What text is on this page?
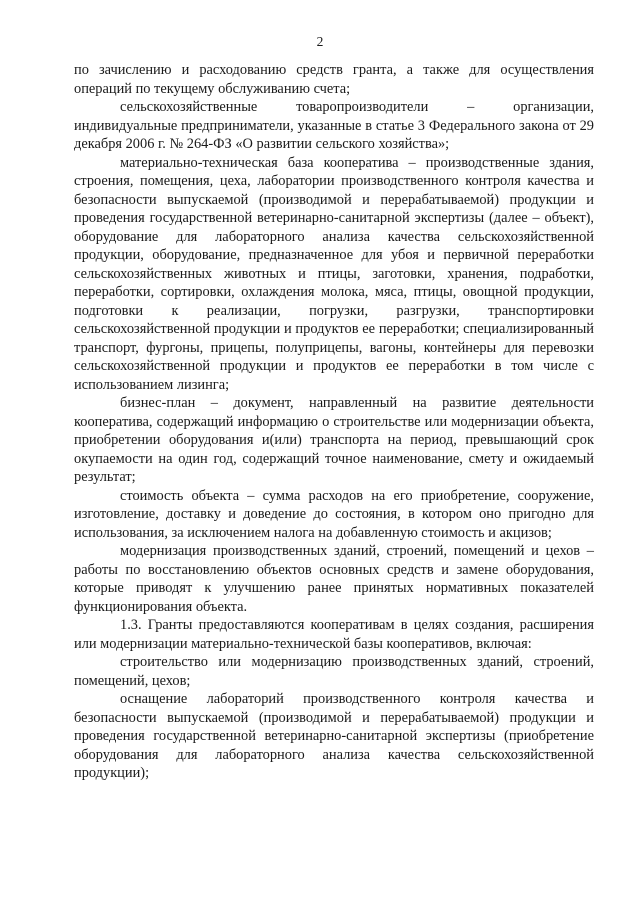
2

по зачислению и расходованию средств гранта, а также для осуществления операций по текущему обслуживанию счета;

сельскохозяйственные товаропроизводители – организации, индивидуальные предприниматели, указанные в статье 3 Федерального закона от 29 декабря 2006 г. № 264-ФЗ «О развитии сельского хозяйства»;

материально-техническая база кооператива – производственные здания, строения, помещения, цеха, лаборатории производственного контроля качества и безопасности выпускаемой (производимой и перерабатываемой) продукции и проведения государственной ветеринарно-санитарной экспертизы (далее – объект), оборудование для лабораторного анализа качества сельскохозяйственной продукции, оборудование, предназначенное для убоя и первичной переработки сельскохозяйственных животных и птицы, заготовки, хранения, подработки, переработки, сортировки, охлаждения молока, мяса, птицы, овощной продукции, подготовки к реализации, погрузки, разгрузки, транспортировки сельскохозяйственной продукции и продуктов ее переработки; специализированный транспорт, фургоны, прицепы, полуприцепы, вагоны, контейнеры для перевозки сельскохозяйственной продукции и продуктов ее переработки в том числе с использованием лизинга;

бизнес-план – документ, направленный на развитие деятельности кооператива, содержащий информацию о строительстве или модернизации объекта, приобретении оборудования и(или) транспорта на период, превышающий срок окупаемости на один год, содержащий точное наименование, смету и ожидаемый результат;

стоимость объекта – сумма расходов на его приобретение, сооружение, изготовление, доставку и доведение до состояния, в котором оно пригодно для использования, за исключением налога на добавленную стоимость и акцизов;

модернизация производственных зданий, строений, помещений и цехов – работы по восстановлению объектов основных средств и замене оборудования, которые приводят к улучшению ранее принятых нормативных показателей функционирования объекта.

1.3. Гранты предоставляются кооперативам в целях создания, расширения или модернизации материально-технической базы кооперативов, включая:

строительство или модернизацию производственных зданий, строений, помещений, цехов;

оснащение лабораторий производственного контроля качества и безопасности выпускаемой (производимой и перерабатываемой) продукции и проведения государственной ветеринарно-санитарной экспертизы (приобретение оборудования для лабораторного анализа качества сельскохозяйственной продукции);
